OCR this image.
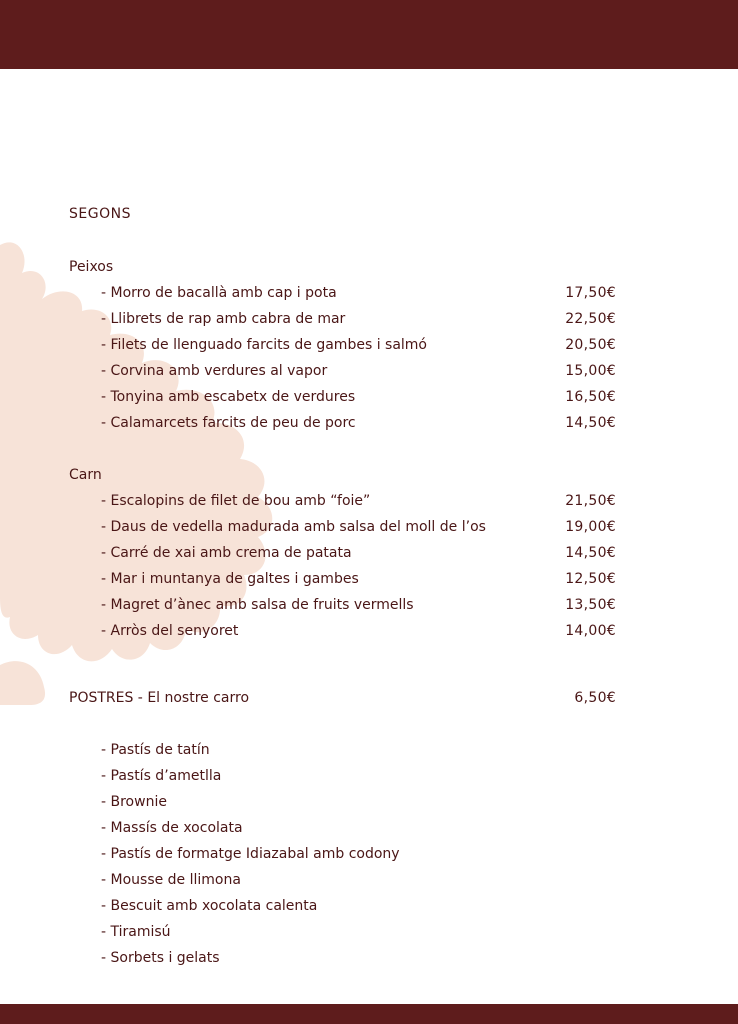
SEGONS
Peixos
- Morro de bacallà amb cap i pota	17,50€
- Llibrets de rap amb cabra de mar	22,50€
- Filets de llenguado farcits de gambes i salmó	20,50€
- Corvina amb verdures al vapor	15,00€
- Tonyina amb escabetx de verdures	16,50€
- Calamarcets farcits de peu de porc	14,50€
Carn
- Escalopins de filet de bou amb “foie”	21,50€
- Daus de vedella madurada amb salsa del moll de l’os	19,00€
- Carré de xai amb crema de patata	14,50€
- Mar i muntanya de galtes i gambes	12,50€
- Magret d’ànec amb salsa de fruits vermells	13,50€
- Arròs del senyoret	14,00€
POSTRES - El nostre carro	6,50€
- Pastís de tatín
- Pastís d’ametlla
- Brownie
- Massís de xocolata
- Pastís de formatge Idiazabal amb codony
- Mousse de llimona
- Bescuit amb xocolata calenta
- Tiramisú
- Sorbets i gelats
